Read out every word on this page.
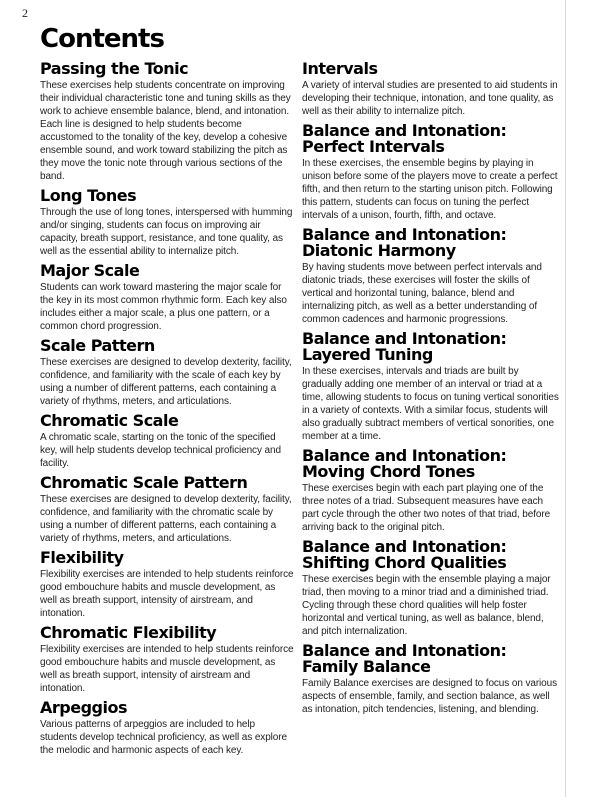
2
Contents
Passing the Tonic

These exercises help students concentrate on improving their individual characteristic tone and tuning skills as they work to achieve ensemble balance, blend, and intonation. Each line is designed to help students become accustomed to the tonality of the key, develop a cohesive ensemble sound, and work toward stabilizing the pitch as they move the tonic note through various sections of the band.

Long Tones

Through the use of long tones, interspersed with humming and/or singing, students can focus on improving air capacity, breath support, resistance, and tone quality, as well as the essential ability to internalize pitch.

Major Scale

Students can work toward mastering the major scale for the key in its most common rhythmic form. Each key also includes either a major scale, a plus one pattern, or a common chord progression.

Scale Pattern

These exercises are designed to develop dexterity, facility, confidence, and familiarity with the scale of each key by using a number of different patterns, each containing a variety of rhythms, meters, and articulations.

Chromatic Scale

A chromatic scale, starting on the tonic of the specified key, will help students develop technical proficiency and facility.

Chromatic Scale Pattern

These exercises are designed to develop dexterity, facility, confidence, and familiarity with the chromatic scale by using a number of different patterns, each containing a variety of rhythms, meters, and articulations.

Flexibility

Flexibility exercises are intended to help students reinforce good embouchure habits and muscle development, as well as breath support, intensity of airstream, and intonation.

Chromatic Flexibility

Flexibility exercises are intended to help students reinforce good embouchure habits and muscle development, as well as breath support, intensity of airstream and intonation.

Arpeggios

Various patterns of arpeggios are included to help students develop technical proficiency, as well as explore the melodic and harmonic aspects of each key.

Intervals

A variety of interval studies are presented to aid students in developing their technique, intonation, and tone quality, as well as their ability to internalize pitch.

Balance and Intonation:
Perfect Intervals

In these exercises, the ensemble begins by playing in unison before some of the players move to create a perfect fifth, and then return to the starting unison pitch. Following this pattern, students can focus on tuning the perfect intervals of a unison, fourth, fifth, and octave.

Balance and Intonation:
Diatonic Harmony

By having students move between perfect intervals and diatonic triads, these exercises will foster the skills of vertical and horizontal tuning, balance, blend and internalizing pitch, as well as a better understanding of common cadences and harmonic progressions.

Balance and Intonation:
Layered Tuning

In these exercises, intervals and triads are built by gradually adding one member of an interval or triad at a time, allowing students to focus on tuning vertical sonorities in a variety of contexts. With a similar focus, students will also gradually subtract members of vertical sonorities, one member at a time.

Balance and Intonation:
Moving Chord Tones

These exercises begin with each part playing one of the three notes of a triad. Subsequent measures have each part cycle through the other two notes of that triad, before arriving back to the original pitch.

Balance and Intonation:
Shifting Chord Qualities

These exercises begin with the ensemble playing a major triad, then moving to a minor triad and a diminished triad. Cycling through these chord qualities will help foster horizontal and vertical tuning, as well as balance, blend, and pitch internalization.

Balance and Intonation:
Family Balance

Family Balance exercises are designed to focus on various aspects of ensemble, family, and section balance, as well as intonation, pitch tendencies, listening, and blending.
